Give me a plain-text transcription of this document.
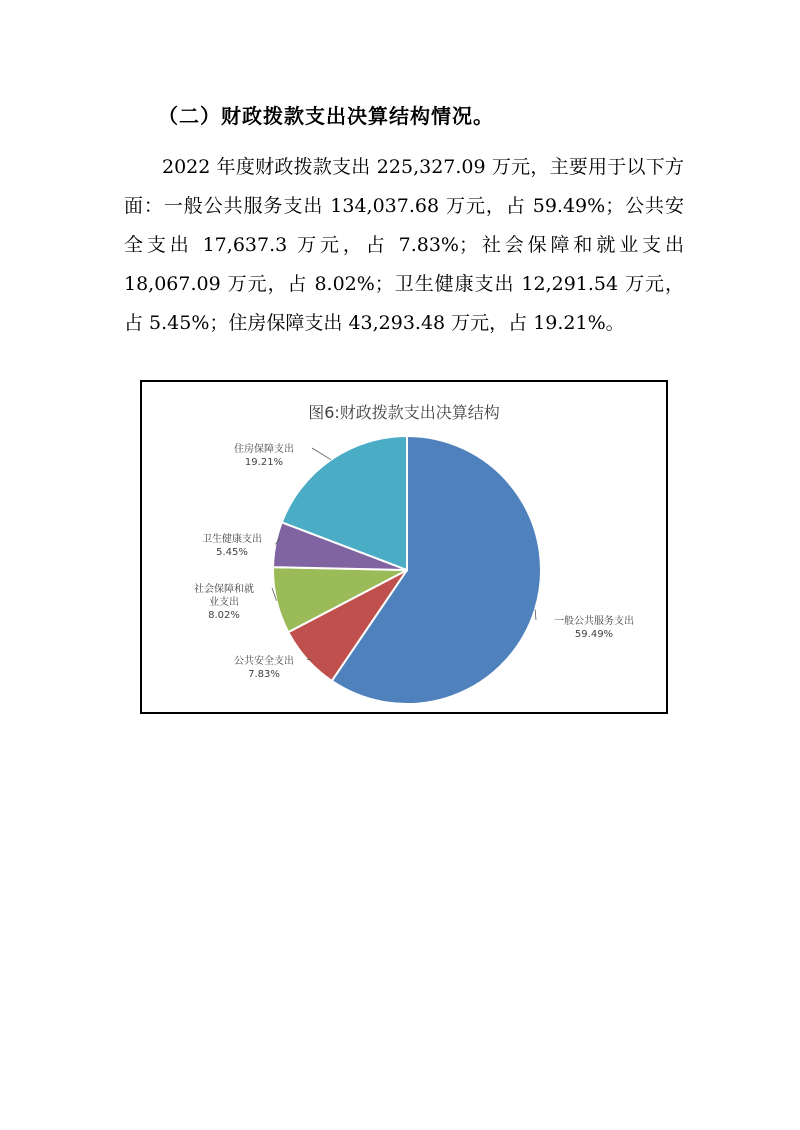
（二）财政拨款支出决算结构情况。

2022 年度财政拨款支出 225,327.09 万元，主要用于以下方面：一般公共服务支出 134,037.68 万元，占 59.49%；公共安全支出 17,637.3 万元，占 7.83%；社会保障和就业支出 18,067.09 万元，占 8.02%；卫生健康支出 12,291.54 万元，占 5.45%；住房保障支出 43,293.48 万元，占 19.21%。

图6:财政拨款支出决算结构
一般公共服务支出 59.49%
公共安全支出 7.83%
社会保障和就业支出 8.02%
卫生健康支出 5.45%
住房保障支出 19.21%
